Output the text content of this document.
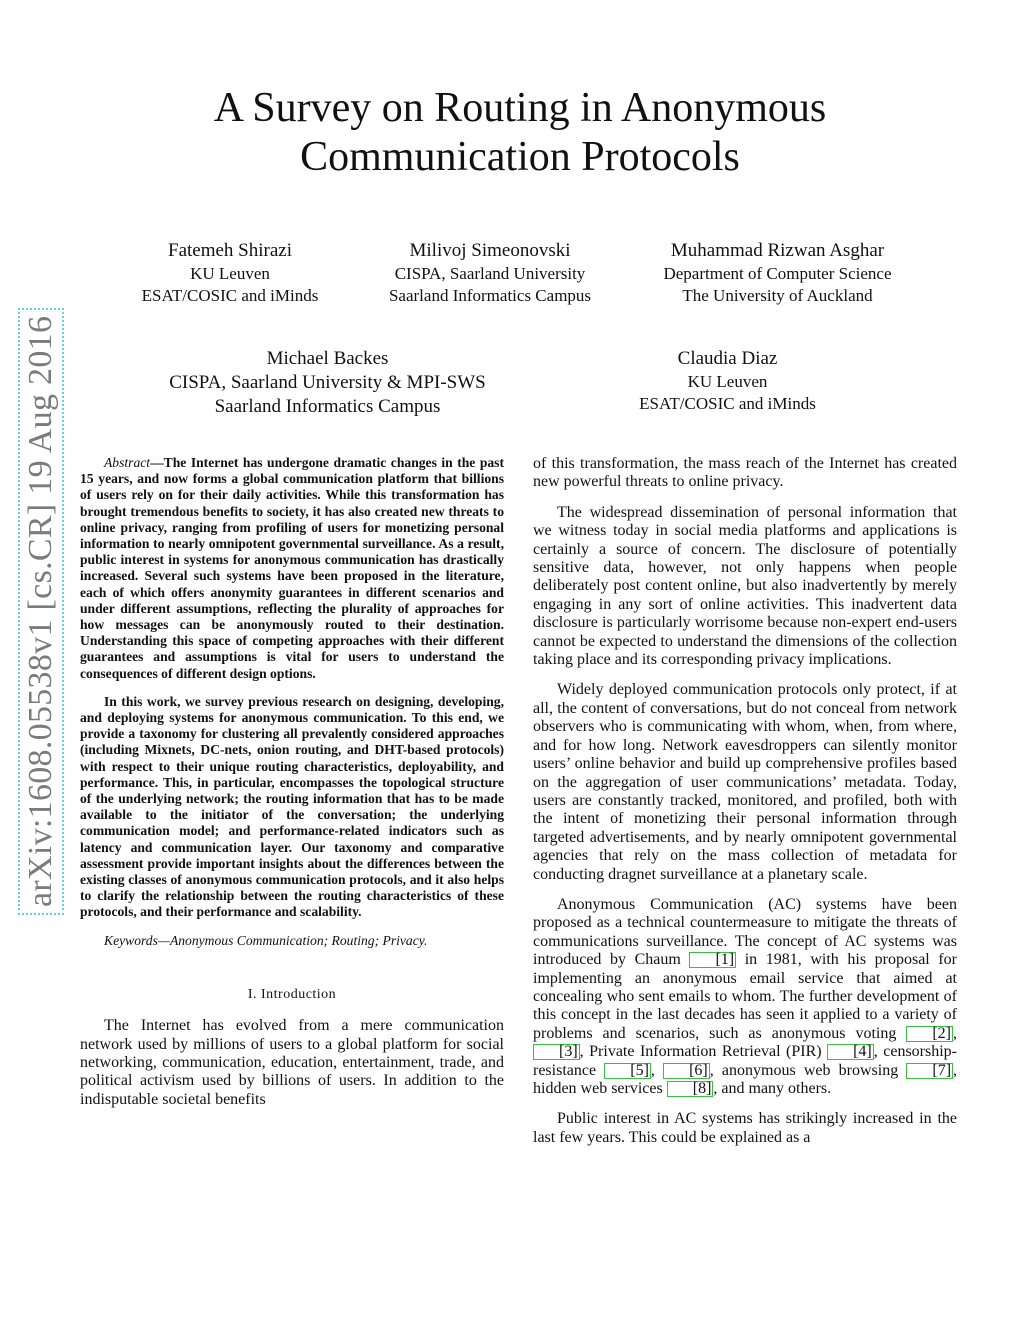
A Survey on Routing in Anonymous
Communication Protocols
Fatemeh Shirazi
KU Leuven
ESAT/COSIC and iMinds
Milivoj Simeonovski
CISPA, Saarland University
Saarland Informatics Campus
Muhammad Rizwan Asghar
Department of Computer Science
The University of Auckland
Michael Backes
CISPA, Saarland University & MPI-SWS
Saarland Informatics Campus
Claudia Diaz
KU Leuven
ESAT/COSIC and iMinds
arXiv:1608.05538v1 [cs.CR] 19 Aug 2016	Abstract—The Internet has undergone dramatic changes in the past 15 years, and now forms a global communication platform that billions of users rely on for their daily activities. While this transformation has brought tremendous benefits to society, it has also created new threats to online privacy, ranging from profiling of users for monetizing personal information to nearly omnipotent governmental surveillance. As a result, public interest in systems for anonymous communication has drastically increased. Several such systems have been proposed in the literature, each of which offers anonymity guarantees in different scenarios and under different assumptions, reflecting the plurality of approaches for how messages can be anonymously routed to their destination. Understanding this space of competing approaches with their different guarantees and assumptions is vital for users to understand the consequences of different design options.

In this work, we survey previous research on designing, developing, and deploying systems for anonymous communication. To this end, we provide a taxonomy for clustering all prevalently considered approaches (including Mixnets, DC-nets, onion routing, and DHT-based protocols) with respect to their unique routing characteristics, deployability, and performance. This, in particular, encompasses the topological structure of the underlying network; the routing information that has to be made available to the initiator of the conversation; the underlying communication model; and performance-related indicators such as latency and communication layer. Our taxonomy and comparative assessment provide important insights about the differences between the existing classes of anonymous communication protocols, and it also helps to clarify the relationship between the routing characteristics of these protocols, and their performance and scalability.

Keywords—Anonymous Communication; Routing; Privacy.

I. Introduction

The Internet has evolved from a mere communication network used by millions of users to a global platform for social networking, communication, education, entertainment, trade, and political activism used by billions of users. In addition to the indisputable societal benefits

of this transformation, the mass reach of the Internet has created new powerful threats to online privacy.

The widespread dissemination of personal information that we witness today in social media platforms and applications is certainly a source of concern. The disclosure of potentially sensitive data, however, not only happens when people deliberately post content online, but also inadvertently by merely engaging in any sort of online activities. This inadvertent data disclosure is particularly worrisome because non-expert end-users cannot be expected to understand the dimensions of the collection taking place and its corresponding privacy implications.

Widely deployed communication protocols only protect, if at all, the content of conversations, but do not conceal from network observers who is communicating with whom, when, from where, and for how long. Network eavesdroppers can silently monitor users’ online behavior and build up comprehensive profiles based on the aggregation of user communications’ metadata. Today, users are constantly tracked, monitored, and profiled, both with the intent of monetizing their personal information through targeted advertisements, and by nearly omnipotent governmental agencies that rely on the mass collection of metadata for conducting dragnet surveillance at a planetary scale.

Anonymous Communication (AC) systems have been proposed as a technical countermeasure to mitigate the threats of communications surveillance. The concept of AC systems was introduced by Chaum [1] in 1981, with his proposal for implementing an anonymous email service that aimed at concealing who sent emails to whom. The further development of this concept in the last decades has seen it applied to a variety of problems and scenarios, such as anonymous voting [2] , [3] , Private Information Retrieval (PIR) [4] , censorship-resistance [5] , [6] , anonymous web browsing [7] , hidden web services [8] , and many others.

Public interest in AC systems has strikingly increased in the last few years. This could be explained as a
